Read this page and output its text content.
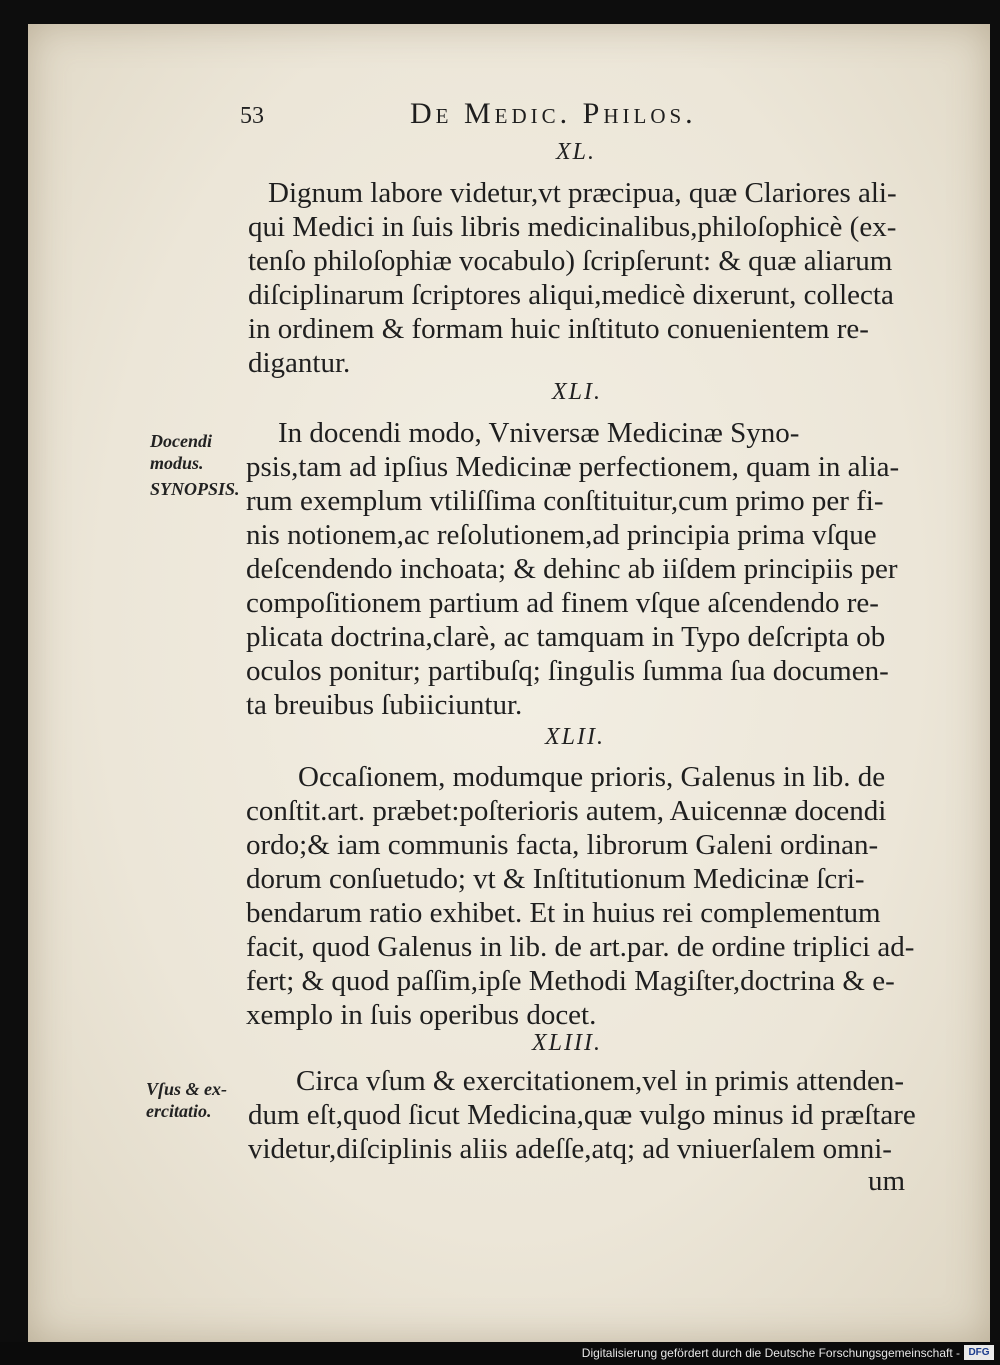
53	De Medic. Philos.
XL.
Dignum labore videtur,vt præcipua, quæ Clariores ali-
qui Medici in ſuis libris medicinalibus,philoſophicè (ex-
tenſo philoſophiæ vocabulo) ſcripſerunt: & quæ aliarum
diſciplinarum ſcriptores aliqui,medicè dixerunt, collecta
in ordinem & formam huic inſtituto conuenientem re-
digantur.
XLI.
Docendi
modus.
SYNOPSIS.
In docendi modo, Vniversæ Medicinæ Syno-
psis,tam ad ipſius Medicinæ perfectionem, quam in alia-
rum exemplum vtiliſſima conſtituitur,cum primo per fi-
nis notionem,ac reſolutionem,ad principia prima vſque
deſcendendo inchoata; & dehinc ab iiſdem principiis per
compoſitionem partium ad finem vſque aſcendendo re-
plicata doctrina,clarè, ac tamquam in Typo deſcripta ob
oculos ponitur; partibuſq; ſingulis ſumma ſua documen-
ta breuibus ſubiiciuntur.
XLII.
Occaſionem, modumque prioris, Galenus in lib. de
conſtit.art. præbet:poſterioris autem, Auicennæ docendi
ordo;& iam communis facta, librorum Galeni ordinan-
dorum conſuetudo; vt & Inſtitutionum Medicinæ ſcri-
bendarum ratio exhibet. Et in huius rei complementum
facit, quod Galenus in lib. de art.par. de ordine triplici ad-
fert; & quod paſſim,ipſe Methodi Magiſter,doctrina & e-
xemplo in ſuis operibus docet.
XLIII.
Vſus & ex-
ercitatio.
Circa vſum & exercitationem,vel in primis attenden-
dum eſt,quod ſicut Medicina,quæ vulgo minus id præſtare
videtur,diſciplinis aliis adeſſe,atq; ad vniuerſalem omni-
um
Digitalisierung gefördert durch die Deutsche Forschungsgemeinschaft - DFG
